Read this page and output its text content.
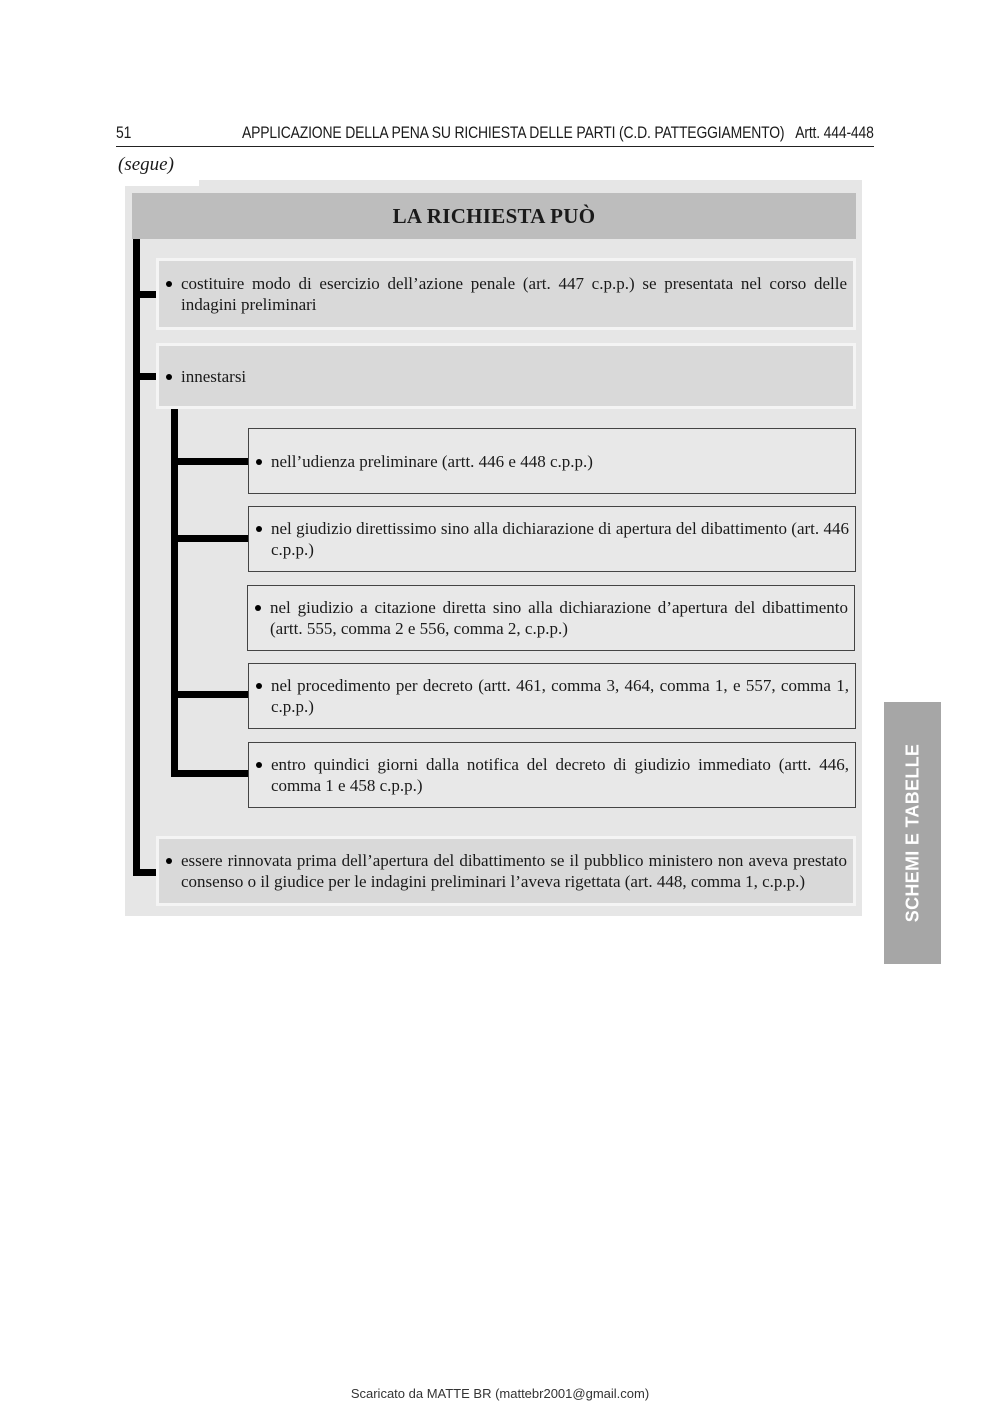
51	APPLICAZIONE DELLA PENA SU RICHIESTA DELLE PARTI (C.D. PATTEGGIAMENTO) Artt. 444-448
(segue)
LA RICHIESTA PUÒ
costituire modo di esercizio dell’azione penale (art. 447 c.p.p.) se presentata nel corso delle indagini preliminari
innestarsi
nell’udienza preliminare (artt. 446 e 448 c.p.p.)
nel giudizio direttissimo sino alla dichiarazione di apertura del dibattimento (art. 446 c.p.p.)
nel giudizio a citazione diretta sino alla dichiarazione d’apertura del dibattimento (artt. 555, comma 2 e 556, comma 2, c.p.p.)
nel procedimento per decreto (artt. 461, comma 3, 464, comma 1, e 557, comma 1, c.p.p.)
entro quindici giorni dalla notifica del decreto di giudizio immediato (artt. 446, comma 1 e 458 c.p.p.)
essere rinnovata prima dell’apertura del dibattimento se il pubblico ministero non aveva prestato consenso o il giudice per le indagini preliminari l’aveva rigettata (art. 448, comma 1, c.p.p.)	SCHEMI E TABELLE
Scaricato da MATTE BR (mattebr2001@gmail.com)
